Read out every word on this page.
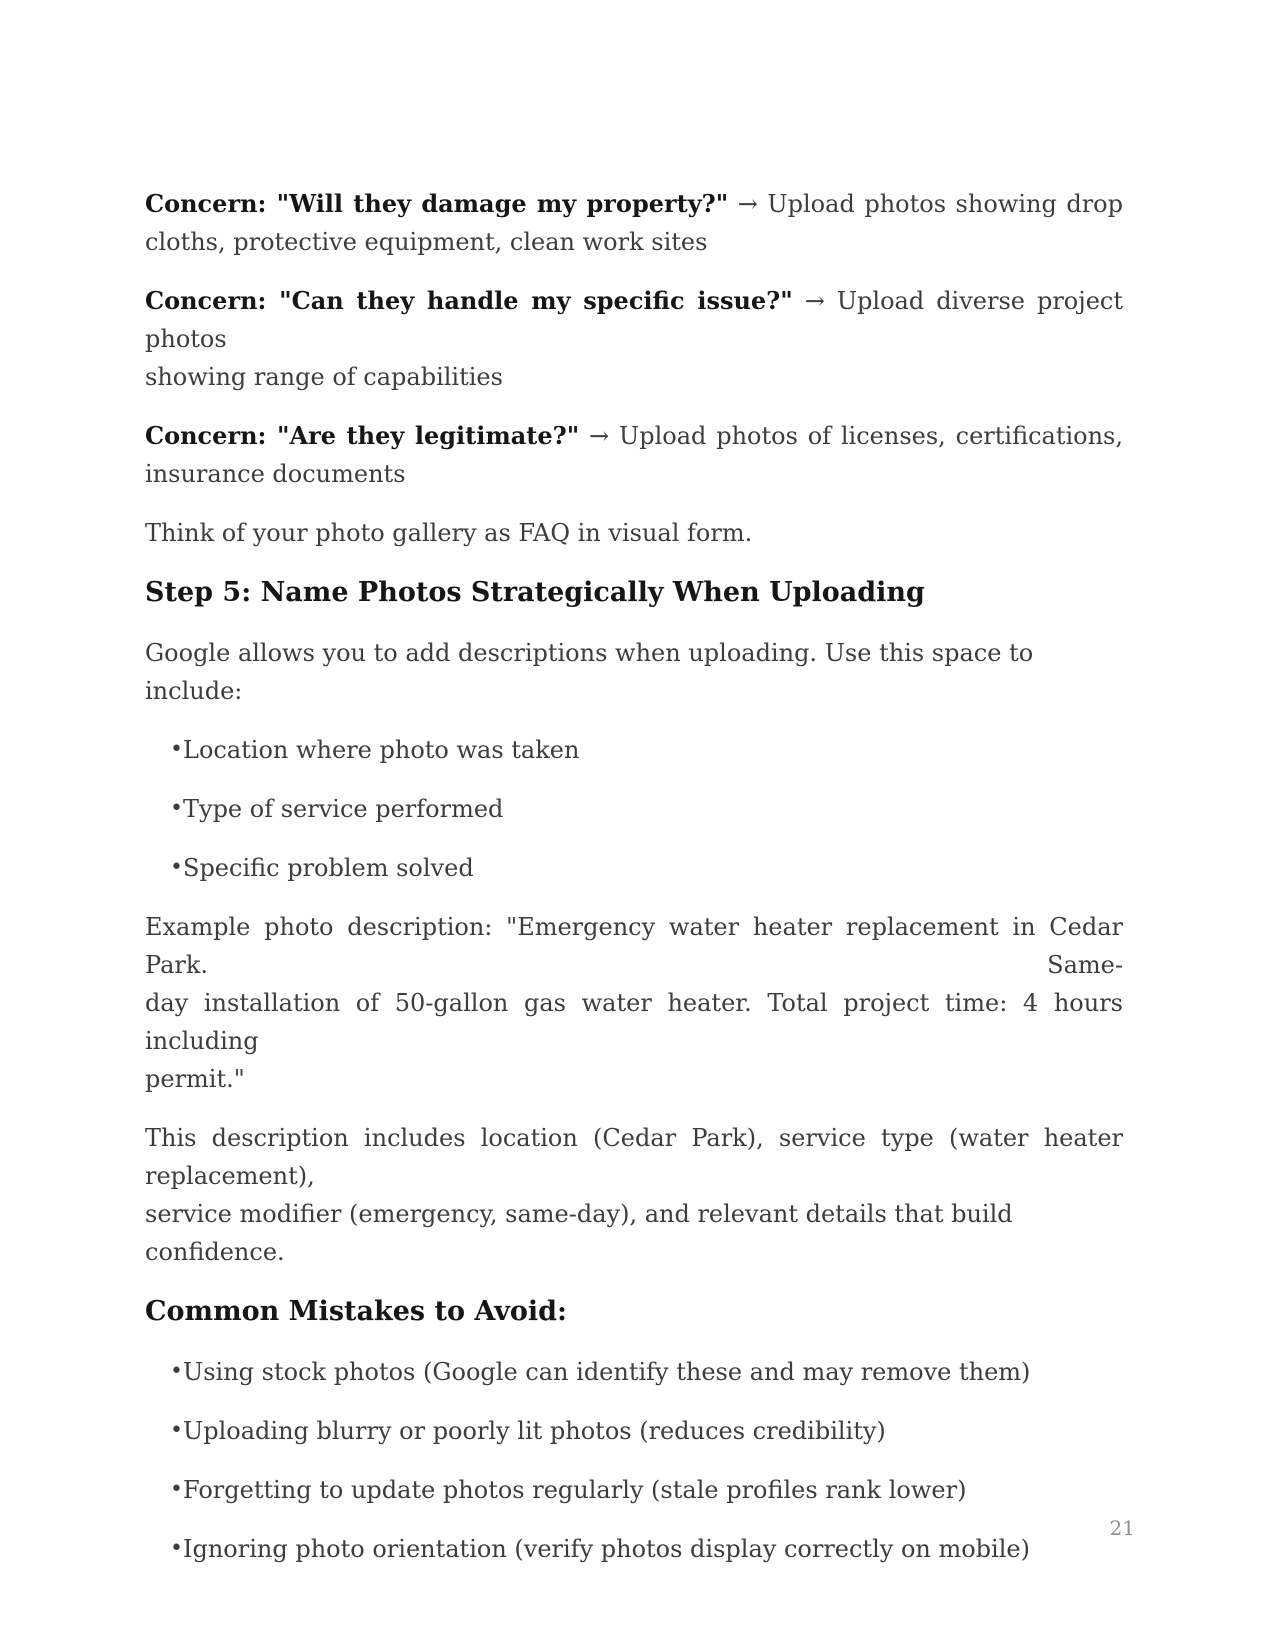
Concern: "Will they damage my property?" → Upload photos showing drop
cloths, protective equipment, clean work sites
Concern: "Can they handle my specific issue?" → Upload diverse project photos
showing range of capabilities
Concern: "Are they legitimate?" → Upload photos of licenses, certifications,
insurance documents
Think of your photo gallery as FAQ in visual form.
Step 5: Name Photos Strategically When Uploading
Google allows you to add descriptions when uploading. Use this space to include:
• Location where photo was taken
• Type of service performed
• Specific problem solved
Example photo description: "Emergency water heater replacement in Cedar Park. Same-
day installation of 50-gallon gas water heater. Total project time: 4 hours including
permit."
This description includes location (Cedar Park), service type (water heater replacement),
service modifier (emergency, same-day), and relevant details that build confidence.
Common Mistakes to Avoid:
• Using stock photos (Google can identify these and may remove them)
• Uploading blurry or poorly lit photos (reduces credibility)
• Forgetting to update photos regularly (stale profiles rank lower)
• Ignoring photo orientation (verify photos display correctly on mobile)
21
